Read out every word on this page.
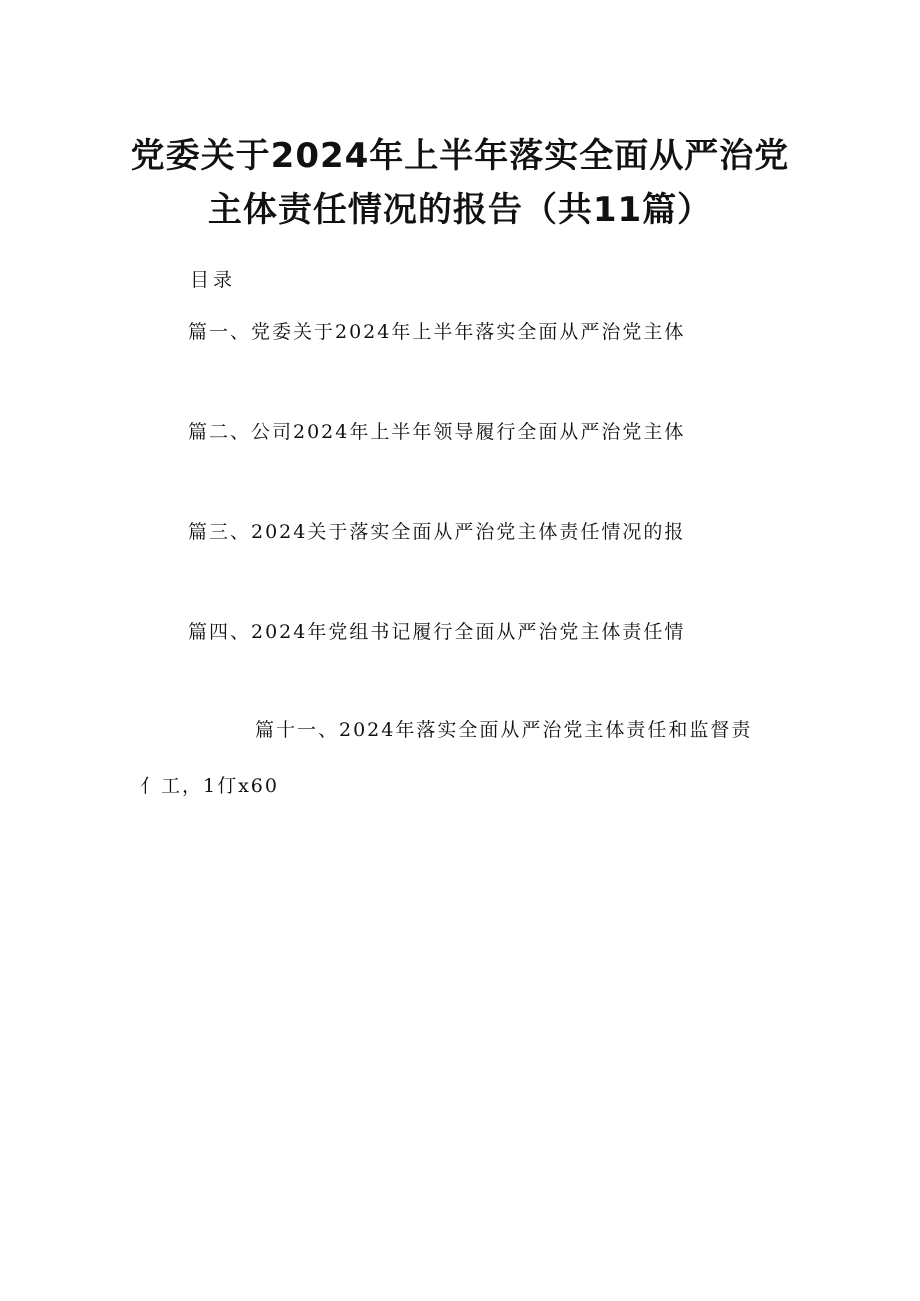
党委关于2024年上半年落实全面从严治党
主体责任情况的报告（共11篇）
目录
篇一、党委关于2024年上半年落实全面从严治党主体
篇二、公司2024年上半年领导履行全面从严治党主体
篇三、2024关于落实全面从严治党主体责任情况的报
篇四、2024年党组书记履行全面从严治党主体责任情
篇十一、2024年落实全面从严治党主体责任和监督责
亻工，1仃x60
